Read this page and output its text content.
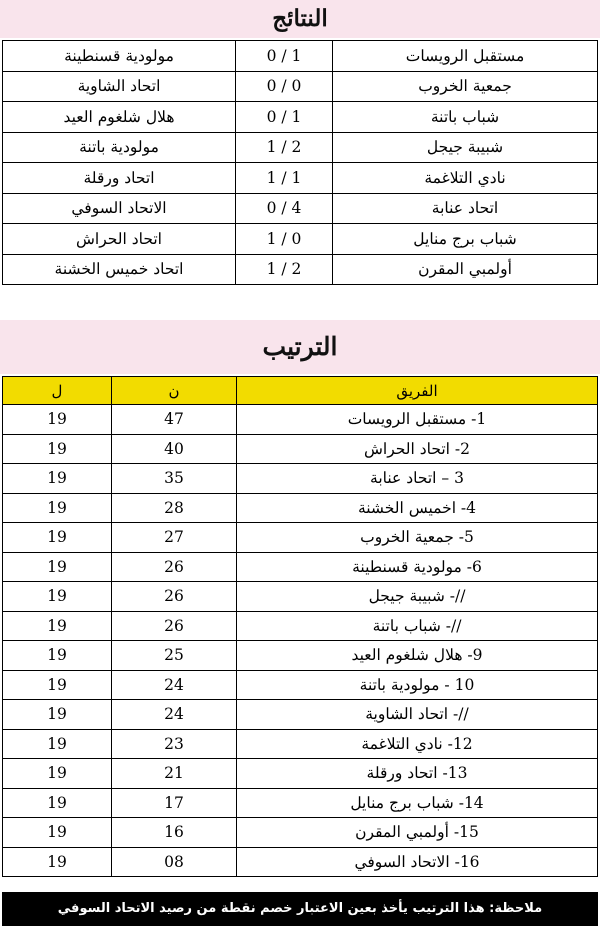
النتائج
مستقبل الرويسات	1 / 0	مولودية قسنطينة
جمعية الخروب	0 / 0	اتحاد الشاوية
شباب باتنة	1 / 0	هلال شلغوم العيد
شبيبة جيجل	2 / 1	مولودية باتنة
نادي التلاغمة	1 / 1	اتحاد ورقلة
اتحاد عنابة	4 / 0	الاتحاد السوفي
شباب برج منايل	0 / 1	اتحاد الحراش
أولمبي المقرن	2 / 1	اتحاد خميس الخشنة
الترتيب
ل	ن	الفريق
19	47	1- مستقبل الرويسات
19	40	2- اتحاد الحراش
19	35	3 – اتحاد عنابة
19	28	4- اخميس الخشنة
19	27	5- جمعية الخروب
19	26	6- مولودية قسنطينة
19	26	//- شبيبة جيجل
19	26	//- شباب باتنة
19	25	9- هلال شلغوم العيد
19	24	10 - مولودية باتنة
19	24	//- اتحاد الشاوية
19	23	12- نادي التلاغمة
19	21	13- اتحاد ورقلة
19	17	14- شباب برج منايل
19	16	15- أولمبي المقرن
19	08	16- الاتحاد السوفي
ملاحظة: هذا الترتيب يأخذ بعين الاعتبار خصم نقطة من رصيد الاتحاد السوفي
